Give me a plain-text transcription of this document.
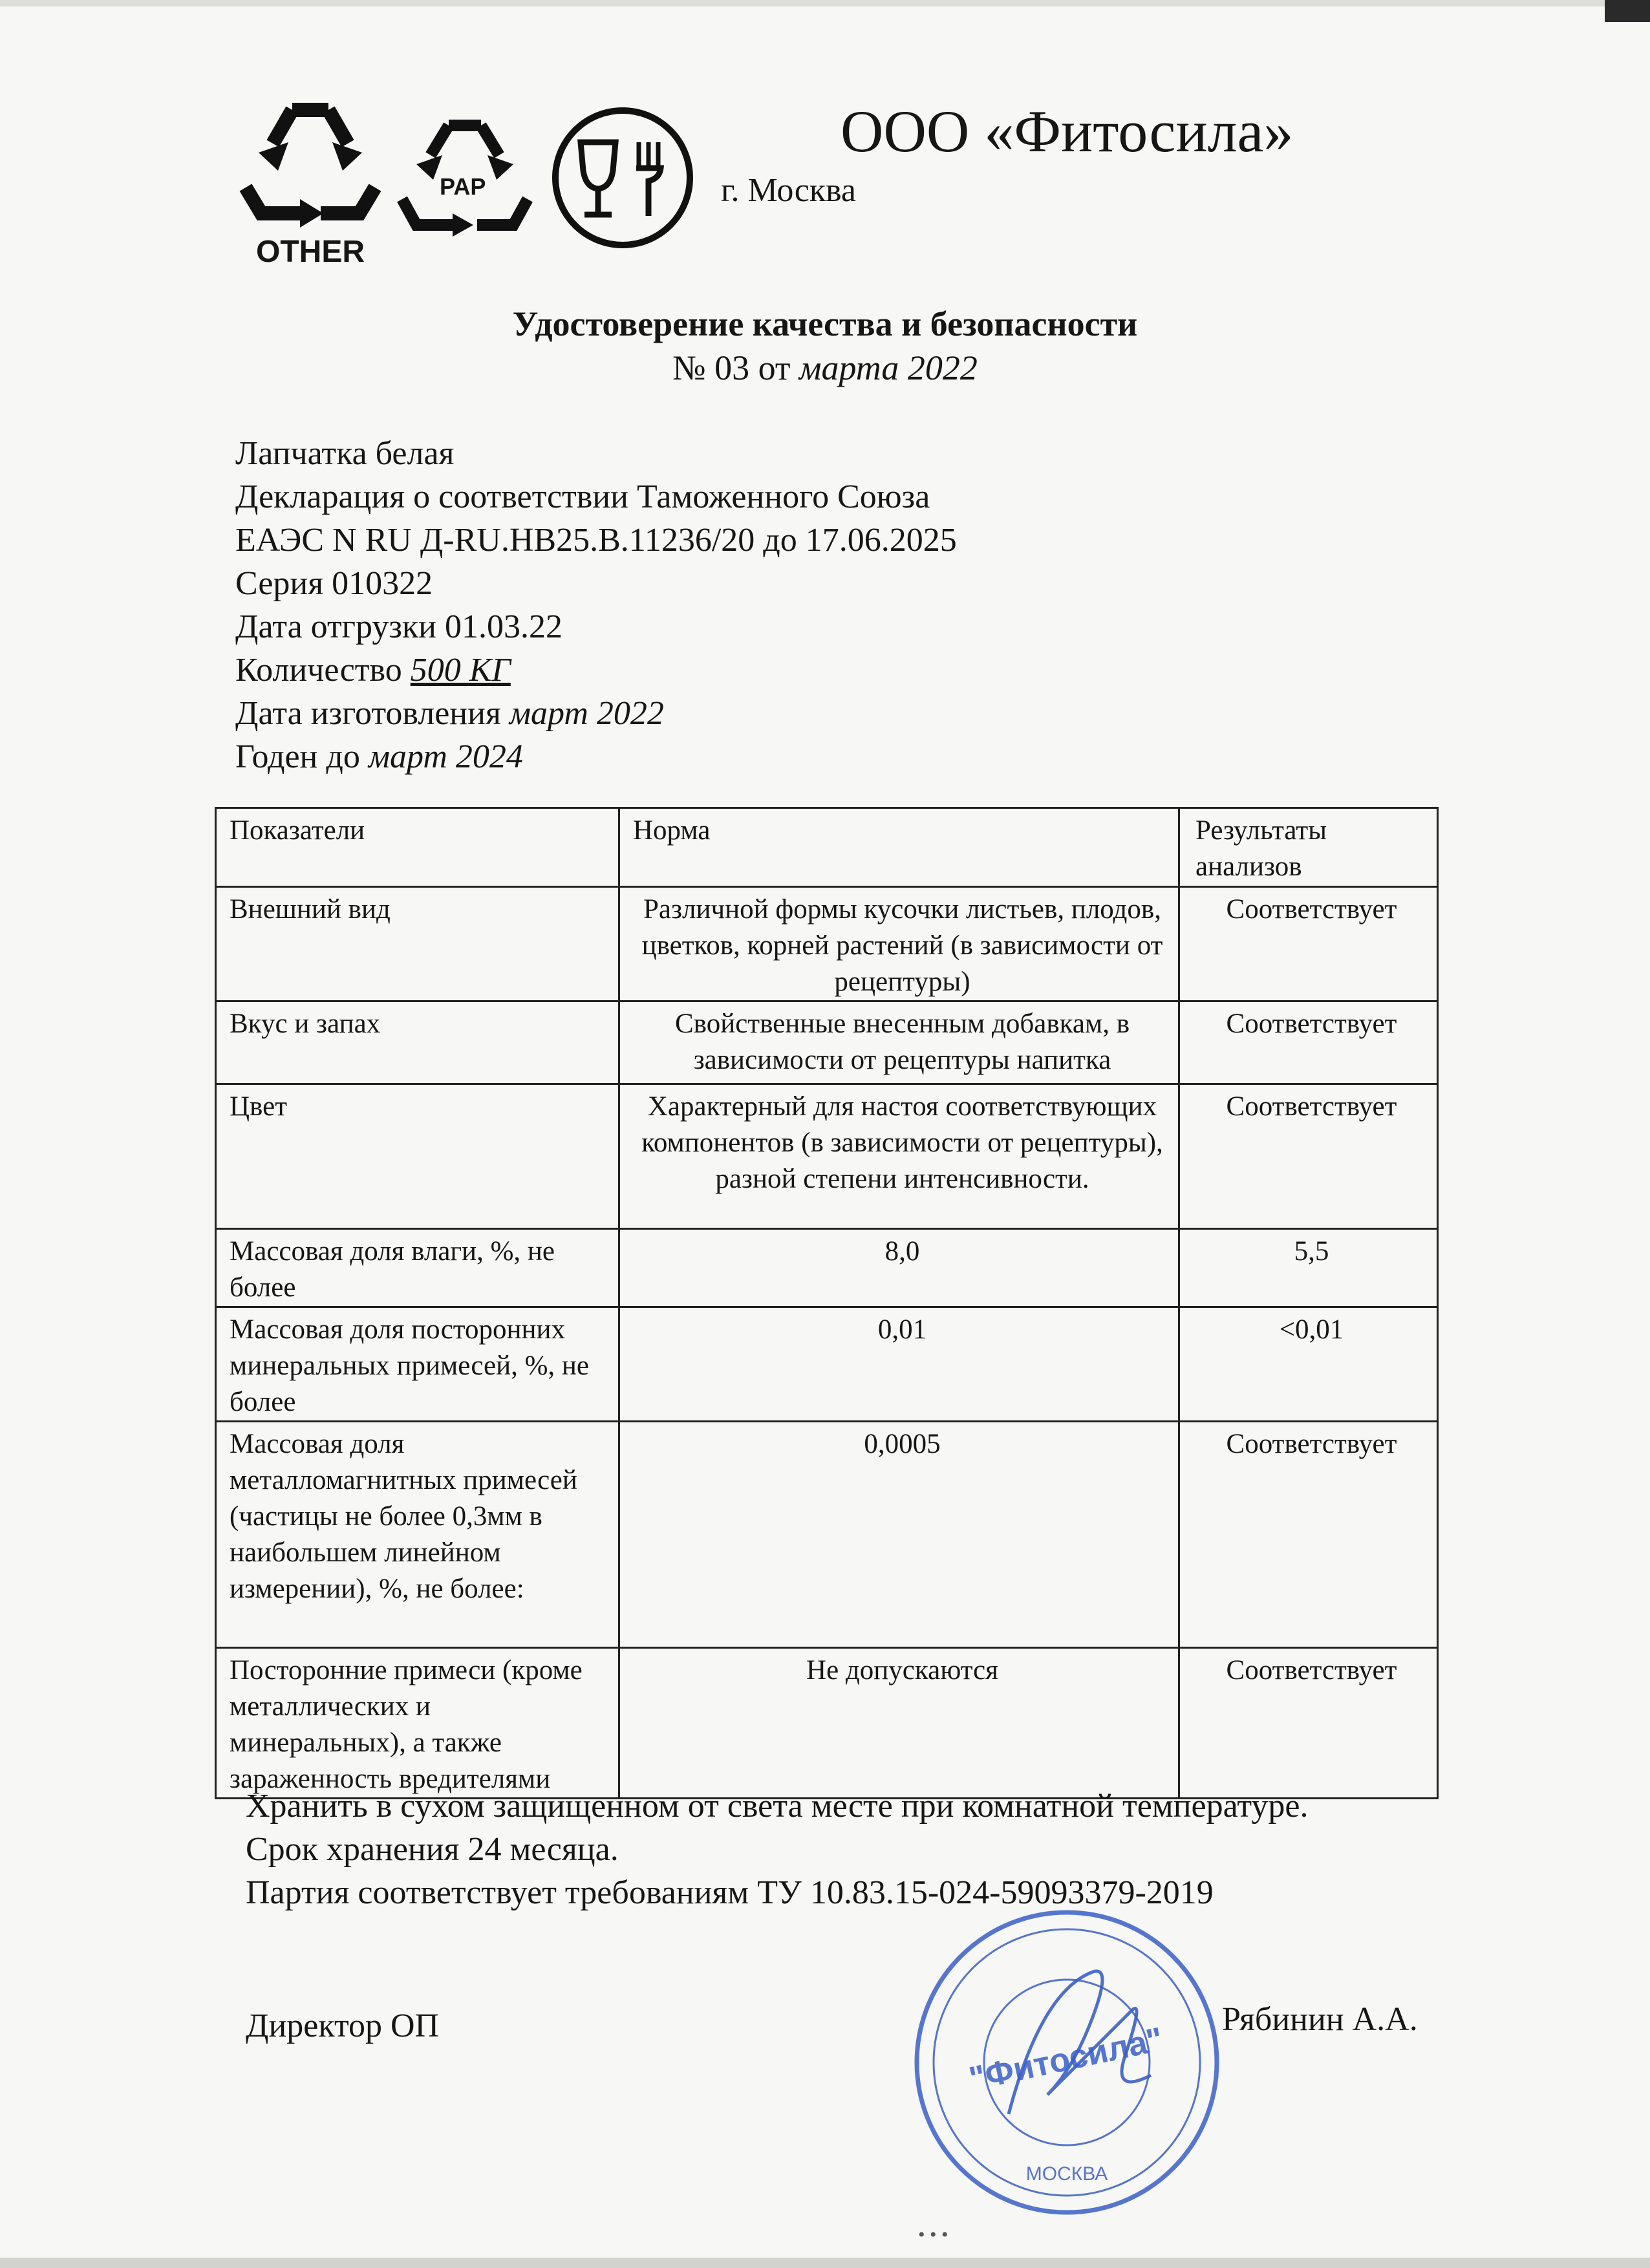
OTHER
PAP
ООО «Фитосила»
г. Москва
Удостоверение качества и безопасности
№ 03 от марта 2022
Лапчатка белая
Декларация о соответствии Таможенного Союза
ЕАЭС N RU Д-RU.HB25.B.11236/20 до 17.06.2025
Серия 010322
Дата отгрузки 01.03.22
Количество 500 КГ
Дата изготовления март 2022
Годен до март 2024
Показатели	Норма	Результаты анализов
Внешний вид	Различной формы кусочки листьев, плодов, цветков, корней растений (в зависимости от рецептуры)	Соответствует
Вкус и запах	Свойственные внесенным добавкам, в зависимости от рецептуры напитка	Соответствует
Цвет	Характерный для настоя соответствующих компонентов (в зависимости от рецептуры), разной степени интенсивности.	Соответствует
Массовая доля влаги, %, не более	8,0	5,5
Массовая доля посторонних минеральных примесей, %, не более	0,01	<0,01
Массовая доля металломагнитных примесей (частицы не более 0,3мм в наибольшем линейном измерении), %, не более:	0,0005	Соответствует
Посторонние примеси (кроме металлических и минеральных), а также зараженность вредителями	Не допускаются	Соответствует
Хранить в сухом защищенном от света месте при комнатной температуре.
Срок хранения 24 месяца.
Партия соответствует требованиям ТУ 10.83.15-024-59093379-2019
Директор ОП	Рябинин А.А.
"Фитосила"
МОСКВА
• • •
